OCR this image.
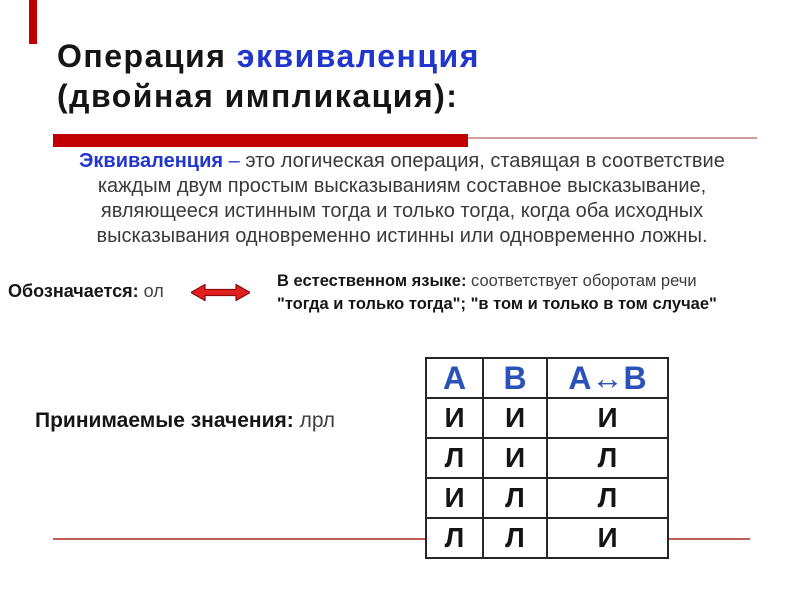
Операция эквиваленция
(двойная импликация):
Эквиваленция – это логическая операция, ставящая в соответствие
каждым двум простым высказываниям составное высказывание,
являющееся истинным тогда и только тогда, когда оба исходных
высказывания одновременно истинны или одновременно ложны.
Обозначается: ол	В естественном языке: соответствует оборотам речи
"тогда и только тогда"; "в том и только в том случае"
Принимаемые значения: лрл
А	В	А↔В
И	И	И
Л	И	Л
И	Л	Л
Л	Л	И
